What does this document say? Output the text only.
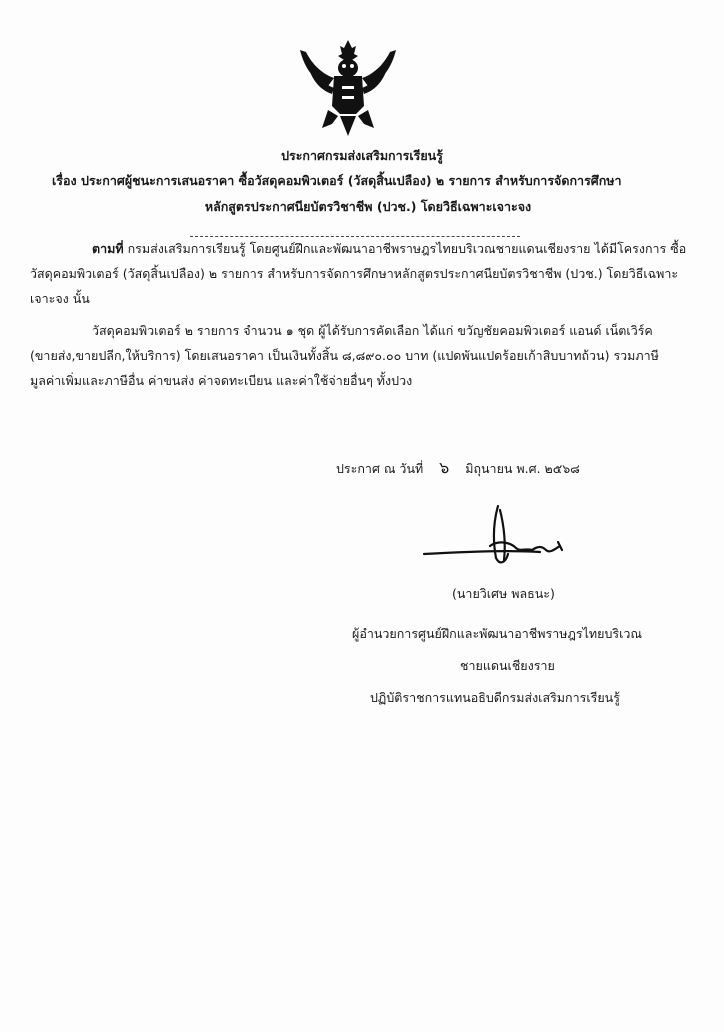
ประกาศกรมส่งเสริมการเรียนรู้
เรื่อง ประกาศผู้ชนะการเสนอราคา ซื้อวัสดุคอมพิวเตอร์ (วัสดุสิ้นเปลือง) ๒ รายการ สำหรับการจัดการศึกษา
หลักสูตรประกาศนียบัตรวิชาชีพ (ปวช.) โดยวิธีเฉพาะเจาะจง
ตามที่ กรมส่งเสริมการเรียนรู้ โดยศูนย์ฝึกและพัฒนาอาชีพราษฎรไทยบริเวณชายแดนเชียงราย ได้มีโครงการ ซื้อวัสดุคอมพิวเตอร์ (วัสดุสิ้นเปลือง) ๒ รายการ สำหรับการจัดการศึกษาหลักสูตรประกาศนียบัตรวิชาชีพ (ปวช.) โดยวิธีเฉพาะเจาะจง นั้น
วัสดุคอมพิวเตอร์ ๒ รายการ จำนวน ๑ ชุด ผู้ได้รับการคัดเลือก ได้แก่ ขวัญชัยคอมพิวเตอร์ แอนด์ เน็ตเวิร์ค (ขายส่ง,ขายปลีก,ให้บริการ) โดยเสนอราคา เป็นเงินทั้งสิ้น ๘,๘๙๐.๐๐ บาท (แปดพันแปดร้อยเก้าสิบบาทถ้วน) รวมภาษีมูลค่าเพิ่มและภาษีอื่น ค่าขนส่ง ค่าจดทะเบียน และค่าใช้จ่ายอื่นๆ ทั้งปวง
ประกาศ ณ วันที่ ๖ มิถุนายน พ.ศ. ๒๕๖๘
(นายวิเศษ พลธนะ)
ผู้อำนวยการศูนย์ฝึกและพัฒนาอาชีพราษฎรไทยบริเวณ
ชายแดนเชียงราย
ปฏิบัติราชการแทนอธิบดีกรมส่งเสริมการเรียนรู้
